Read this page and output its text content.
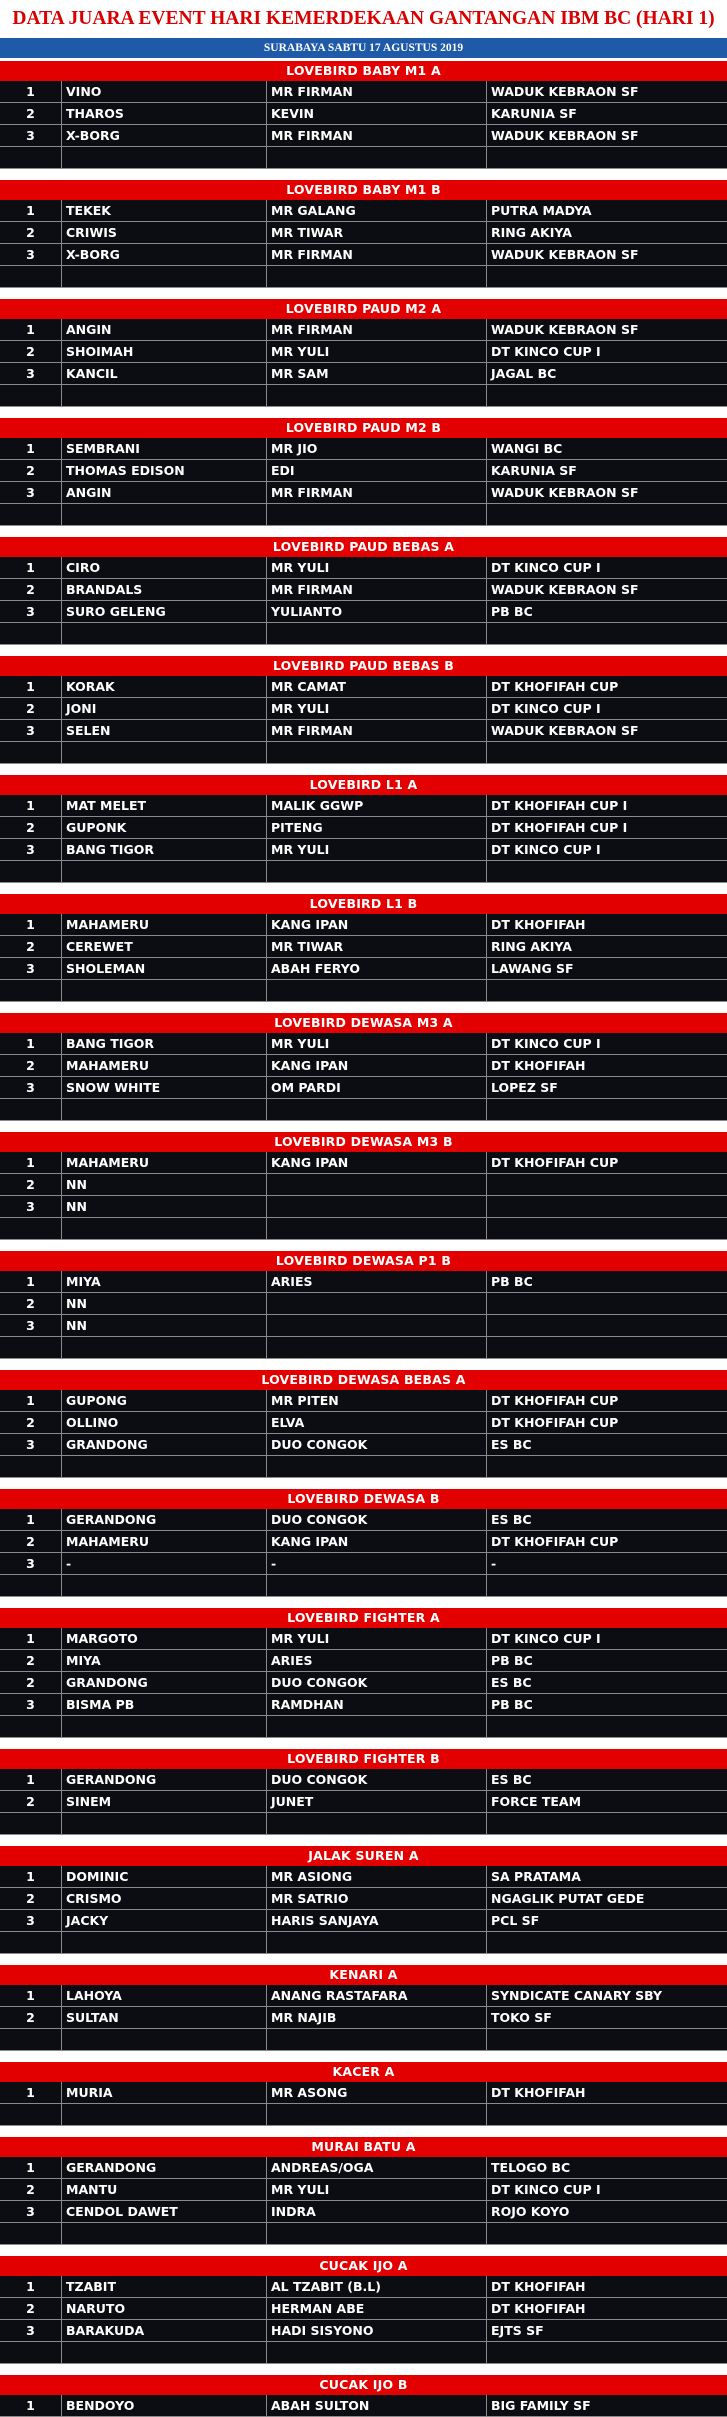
DATA JUARA EVENT HARI KEMERDEKAAN GANTANGAN IBM BC (HARI 1)
SURABAYA SABTU 17 AGUSTUS 2019
LOVEBIRD BABY M1 A
1	VINO	MR FIRMAN	WADUK KEBRAON SF
2	THAROS	KEVIN	KARUNIA SF
3	X-BORG	MR FIRMAN	WADUK KEBRAON SF
LOVEBIRD BABY M1 B
1	TEKEK	MR GALANG	PUTRA MADYA
2	CRIWIS	MR TIWAR	RING AKIYA
3	X-BORG	MR FIRMAN	WADUK KEBRAON SF
LOVEBIRD PAUD M2 A
1	ANGIN	MR FIRMAN	WADUK KEBRAON SF
2	SHOIMAH	MR YULI	DT KINCO CUP I
3	KANCIL	MR SAM	JAGAL BC
LOVEBIRD PAUD M2 B
1	SEMBRANI	MR JIO	WANGI BC
2	THOMAS EDISON	EDI	KARUNIA SF
3	ANGIN	MR FIRMAN	WADUK KEBRAON SF
LOVEBIRD PAUD BEBAS A
1	CIRO	MR YULI	DT KINCO CUP I
2	BRANDALS	MR FIRMAN	WADUK KEBRAON SF
3	SURO GELENG	YULIANTO	PB BC
LOVEBIRD PAUD BEBAS B
1	KORAK	MR CAMAT	DT KHOFIFAH CUP
2	JONI	MR YULI	DT KINCO CUP I
3	SELEN	MR FIRMAN	WADUK KEBRAON SF
LOVEBIRD L1 A
1	MAT MELET	MALIK GGWP	DT KHOFIFAH CUP I
2	GUPONK	PITENG	DT KHOFIFAH CUP I
3	BANG TIGOR	MR YULI	DT KINCO CUP I
LOVEBIRD L1 B
1	MAHAMERU	KANG IPAN	DT KHOFIFAH
2	CEREWET	MR TIWAR	RING AKIYA
3	SHOLEMAN	ABAH FERYO	LAWANG SF
LOVEBIRD DEWASA M3 A
1	BANG TIGOR	MR YULI	DT KINCO CUP I
2	MAHAMERU	KANG IPAN	DT KHOFIFAH
3	SNOW WHITE	OM PARDI	LOPEZ SF
LOVEBIRD DEWASA M3 B
1	MAHAMERU	KANG IPAN	DT KHOFIFAH CUP
2	NN
3	NN
LOVEBIRD DEWASA P1 B
1	MIYA	ARIES	PB BC
2	NN
3	NN
LOVEBIRD DEWASA BEBAS A
1	GUPONG	MR PITEN	DT KHOFIFAH CUP
2	OLLINO	ELVA	DT KHOFIFAH CUP
3	GRANDONG	DUO CONGOK	ES BC
LOVEBIRD DEWASA B
1	GERANDONG	DUO CONGOK	ES BC
2	MAHAMERU	KANG IPAN	DT KHOFIFAH CUP
3	-	-	-
LOVEBIRD FIGHTER A
1	MARGOTO	MR YULI	DT KINCO CUP I
2	MIYA	ARIES	PB BC
2	GRANDONG	DUO CONGOK	ES BC
3	BISMA PB	RAMDHAN	PB BC
LOVEBIRD FIGHTER B
1	GERANDONG	DUO CONGOK	ES BC
2	SINEM	JUNET	FORCE TEAM
JALAK SUREN A
1	DOMINIC	MR ASIONG	SA PRATAMA
2	CRISMO	MR SATRIO	NGAGLIK PUTAT GEDE
3	JACKY	HARIS SANJAYA	PCL SF
KENARI A
1	LAHOYA	ANANG RASTAFARA	SYNDICATE CANARY SBY
2	SULTAN	MR NAJIB	TOKO SF
KACER A
1	MURIA	MR ASONG	DT KHOFIFAH
MURAI BATU A
1	GERANDONG	ANDREAS/OGA	TELOGO BC
2	MANTU	MR YULI	DT KINCO CUP I
3	CENDOL DAWET	INDRA	ROJO KOYO
CUCAK IJO A
1	TZABIT	AL TZABIT (B.L)	DT KHOFIFAH
2	NARUTO	HERMAN ABE	DT KHOFIFAH
3	BARAKUDA	HADI SISYONO	EJTS SF
CUCAK IJO B
1	BENDOYO	ABAH SULTON	BIG FAMILY SF
